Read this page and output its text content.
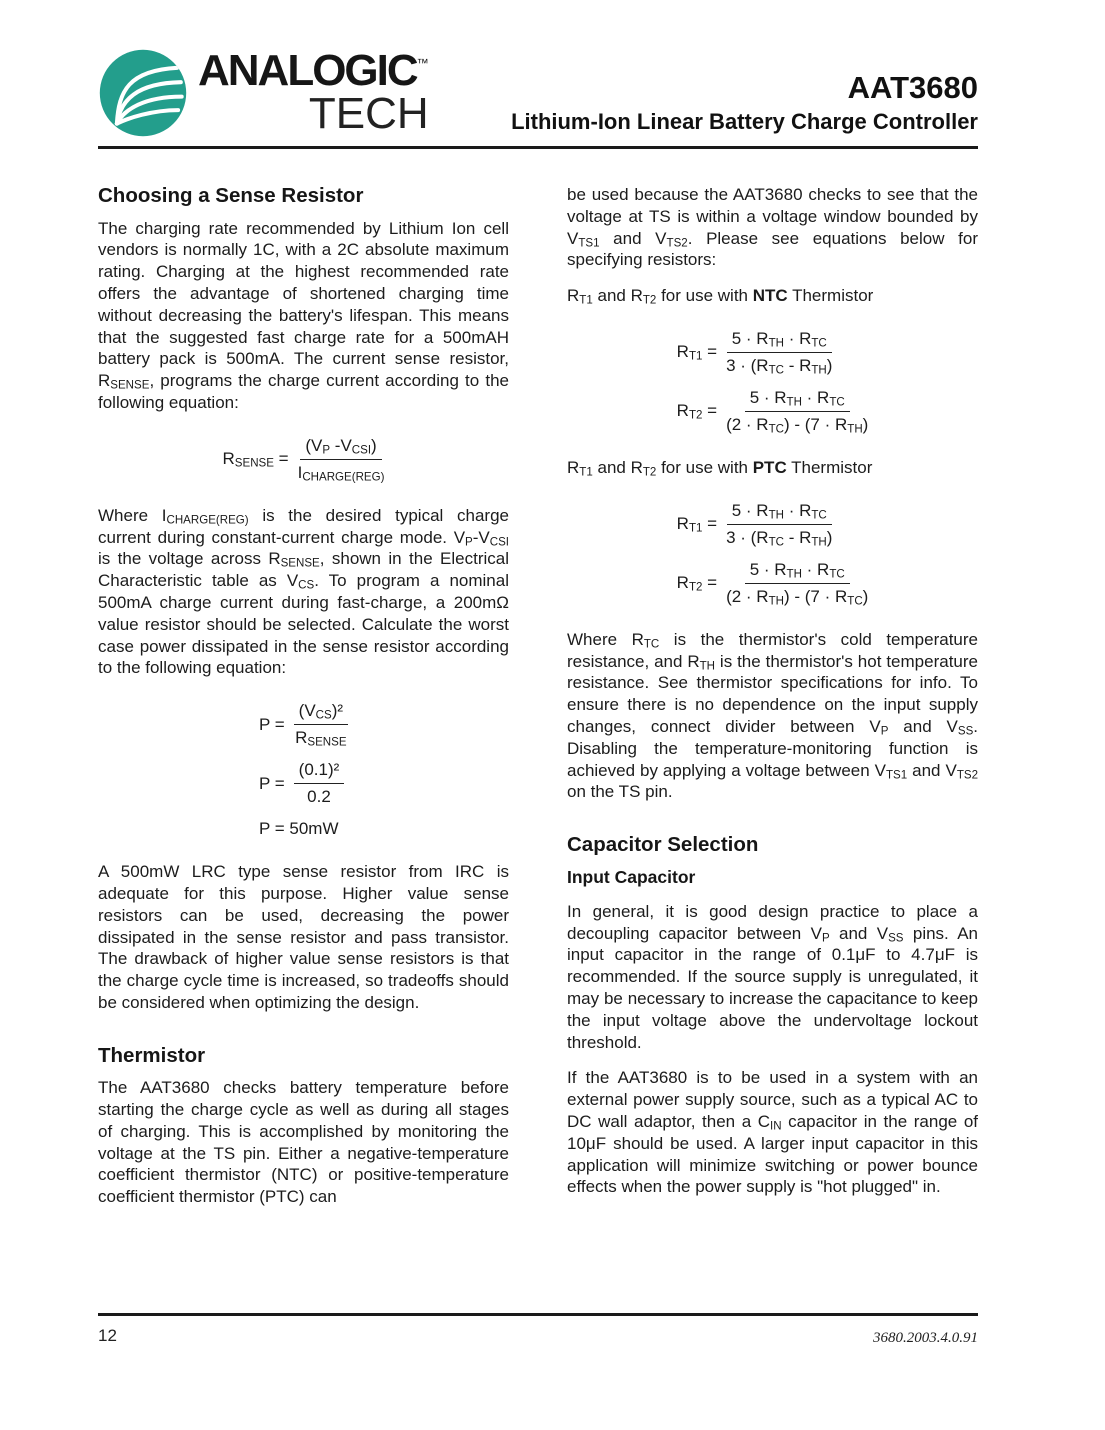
ANALOGIC™
TECH
AAT3680
Lithium-Ion Linear Battery Charge Controller
Choosing a Sense Resistor

The charging rate recommended by Lithium Ion cell vendors is normally 1C, with a 2C absolute maximum rating. Charging at the highest recommended rate offers the advantage of shortened charging time without decreasing the battery's lifespan. This means that the suggested fast charge rate for a 500mAH battery pack is 500mA. The current sense resistor, $R_{SENSE}$, programs the charge current according to the following equation:

$R_{SENSE} = \frac{(V_P -V_{CSI})}{I_{CHARGE(REG)}}$

Where $I_{CHARGE(REG)}$ is the desired typical charge current during constant-current charge mode. $V_P-V_{CSI}$ is the voltage across $R_{SENSE}$, shown in the Electrical Characteristic table as $V_{CS}$. To program a nominal 500mA charge current during fast-charge, a 200mΩ value resistor should be selected. Calculate the worst case power dissipated in the sense resistor according to the following equation:

$P = \frac{(V_{CS})^2}{R_{SENSE}}$
$P = \frac{\text{(0.1)²}}{0.2}$
P = 50mW

A 500mW LRC type sense resistor from IRC is adequate for this purpose. Higher value sense resistors can be used, decreasing the power dissipated in the sense resistor and pass transistor. The drawback of higher value sense resistors is that the charge cycle time is increased, so tradeoffs should be considered when optimizing the design.

Thermistor

The AAT3680 checks battery temperature before starting the charge cycle as well as during all stages of charging. This is accomplished by monitoring the voltage at the TS pin. Either a negative-temperature coefficient thermistor (NTC) or positive-temperature coefficient thermistor (PTC) can

be used because the AAT3680 checks to see that the voltage at TS is within a voltage window bounded by $V_{TS1}$ and $V_{TS2}$. Please see equations below for specifying resistors:

$R_{T1}$ and $R_{T2}$ for use with NTC Thermistor

$R_{T1} = \frac{5 \cdot R_{TH} \cdot R_{TC}}{3 \cdot (R_{TC} - R_{TH})}$
$R_{T2} = \frac{5 \cdot R_{TH} \cdot R_{TC}}{(2 \cdot R_{TC}) - (7 \cdot R_{TH})}$

$R_{T1}$ and $R_{T2}$ for use with PTC Thermistor

$R_{T1} = \frac{5 \cdot R_{TH} \cdot R_{TC}}{3 \cdot (R_{TC} - R_{TH})}$
$R_{T2} = \frac{5 \cdot R_{TH} \cdot R_{TC}}{(2 \cdot R_{TH}) - (7 \cdot R_{TC})}$

Where $R_{TC}$ is the thermistor's cold temperature resistance, and $R_{TH}$ is the thermistor's hot temperature resistance. See thermistor specifications for info. To ensure there is no dependence on the input supply changes, connect divider between $V_P$ and $V_{SS}$. Disabling the temperature-monitoring function is achieved by applying a voltage between $V_{TS1}$ and $V_{TS2}$ on the TS pin.

Capacitor Selection
Input Capacitor

In general, it is good design practice to place a decoupling capacitor between $V_P$ and $V_{SS}$ pins. An input capacitor in the range of 0.1μF to 4.7μF is recommended. If the source supply is unregulated, it may be necessary to increase the capacitance to keep the input voltage above the undervoltage lockout threshold.

If the AAT3680 is to be used in a system with an external power supply source, such as a typical AC to DC wall adaptor, then a $C_{IN}$ capacitor in the range of 10μF should be used. A larger input capacitor in this application will minimize switching or power bounce effects when the power supply is "hot plugged" in.

12	3680.2003.4.0.91
